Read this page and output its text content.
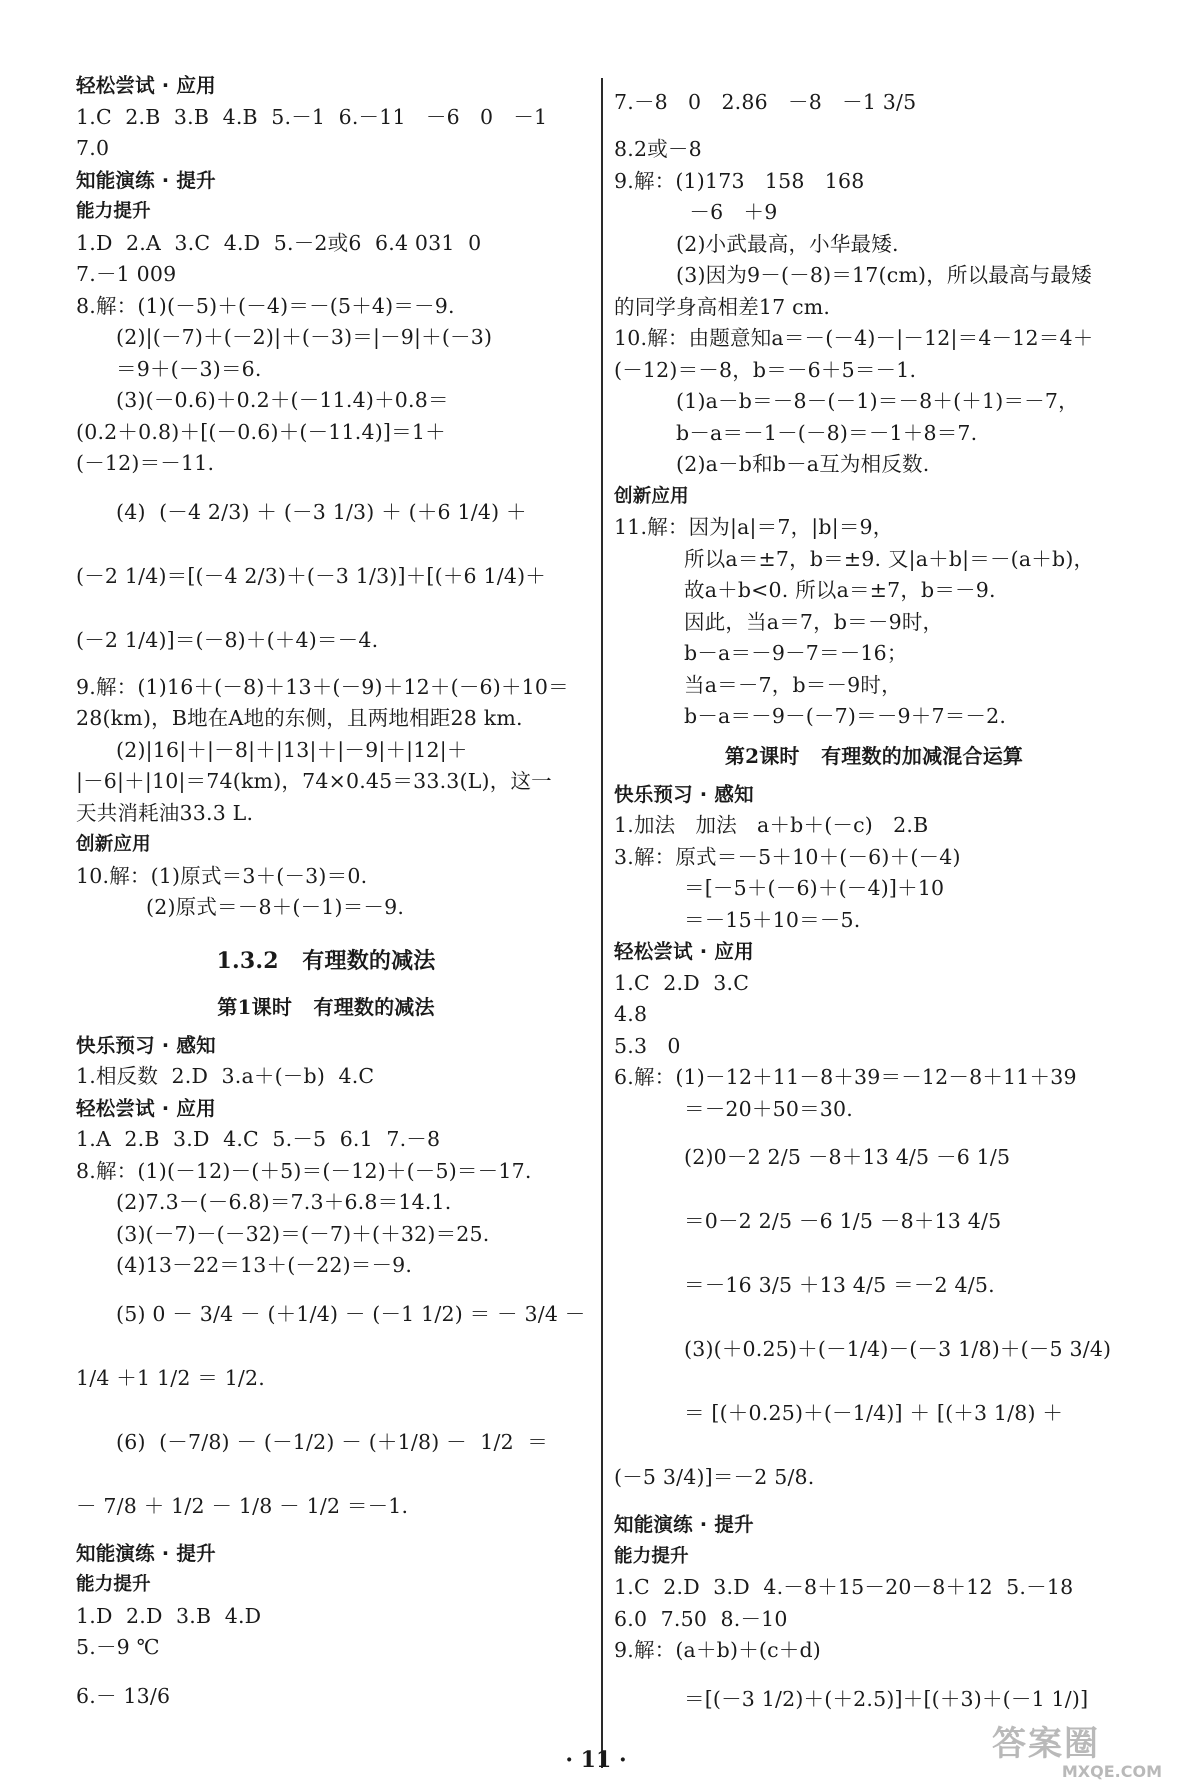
轻松尝试 · 应用
1.C  2.B  3.B  4.B  5.－1  6.－11   －6   0   －1
7.0
知能演练 · 提升
能力提升
1.D  2.A  3.C  4.D  5.－2或6  6.4 031  0
7.－1 009
8.解：(1)(－5)＋(－4)＝－(5＋4)＝－9.
(2)|(－7)＋(－2)|＋(－3)＝|－9|＋(－3)
＝9＋(－3)＝6.
(3)(－0.6)＋0.2＋(－11.4)＋0.8＝
(0.2＋0.8)＋[(－0.6)＋(－11.4)]＝1＋
(－12)＝－11.
(4)  (－4 2/3) ＋ (－3 1/3) ＋ (＋6 1/4) ＋
(－2 1/4)＝[(－4 2/3)＋(－3 1/3)]＋[(＋6 1/4)＋
(－2 1/4)]＝(－8)＋(＋4)＝－4.
9.解：(1)16＋(－8)＋13＋(－9)＋12＋(－6)＋10＝
28(km)，B地在A地的东侧，且两地相距28 km.
(2)|16|＋|－8|＋|13|＋|－9|＋|12|＋
|－6|＋|10|＝74(km)，74×0.45＝33.3(L)，这一
天共消耗油33.3 L.
创新应用
10.解：(1)原式＝3＋(－3)＝0.
(2)原式＝－8＋(－1)＝－9.
1.3.2   有理数的减法
第1课时   有理数的减法
快乐预习 · 感知
1.相反数  2.D  3.a＋(－b)  4.C
轻松尝试 · 应用
1.A  2.B  3.D  4.C  5.－5  6.1  7.－8
8.解：(1)(－12)－(＋5)＝(－12)＋(－5)＝－17.
(2)7.3－(－6.8)＝7.3＋6.8＝14.1.
(3)(－7)－(－32)＝(－7)＋(＋32)＝25.
(4)13－22＝13＋(－22)＝－9.
(5) 0 － 3/4 － (＋1/4) － (－1 1/2) ＝ － 3/4 －
1/4 ＋1 1/2 ＝ 1/2.
(6)  (－7/8) － (－1/2) － (＋1/8) －  1/2  ＝
－ 7/8 ＋ 1/2 － 1/8 － 1/2 ＝－1.
知能演练 · 提升
能力提升
1.D  2.D  3.B  4.D
5.－9 ℃
6.－ 13/6
7.－8   0   2.86   －8   －1 3/5
8.2或－8
9.解：(1)173   158   168
－6   ＋9
(2)小武最高，小华最矮.
(3)因为9－(－8)＝17(cm)，所以最高与最矮
的同学身高相差17 cm.
10.解：由题意知a＝－(－4)－|－12|＝4－12＝4＋
(－12)＝－8，b＝－6＋5＝－1.
(1)a－b＝－8－(－1)＝－8＋(＋1)＝－7，
b－a＝－1－(－8)＝－1＋8＝7.
(2)a－b和b－a互为相反数.
创新应用
11.解：因为|a|＝7，|b|＝9，
所以a＝±7，b＝±9. 又|a＋b|＝－(a＋b)，
故a＋b<0. 所以a＝±7，b＝－9.
因此，当a＝7，b＝－9时，
b－a＝－9－7＝－16；
当a＝－7，b＝－9时，
b－a＝－9－(－7)＝－9＋7＝－2.
第2课时   有理数的加减混合运算
快乐预习 · 感知
1.加法   加法   a＋b＋(－c)   2.B
3.解：原式＝－5＋10＋(－6)＋(－4)
＝[－5＋(－6)＋(－4)]＋10
＝－15＋10＝－5.
轻松尝试 · 应用
1.C  2.D  3.C
4.8
5.3   0
6.解：(1)－12＋11－8＋39＝－12－8＋11＋39
＝－20＋50＝30.
(2)0－2 2/5 －8＋13 4/5 －6 1/5
＝0－2 2/5 －6 1/5 －8＋13 4/5
＝－16 3/5 ＋13 4/5 ＝－2 4/5.
(3)(＋0.25)＋(－1/4)－(－3 1/8)＋(－5 3/4)
＝ [(＋0.25)＋(－1/4)] ＋ [(＋3 1/8) ＋
(－5 3/4)]＝－2 5/8.
知能演练 · 提升
能力提升
1.C  2.D  3.D  4.－8＋15－20－8＋12  5.－18
6.0  7.50  8.－10
9.解：(a＋b)＋(c＋d)
＝[(－3 1/2)＋(＋2.5)]＋[(＋3)＋(－1 1/)]
· 11 ·	答案圈
MXQE.COM
